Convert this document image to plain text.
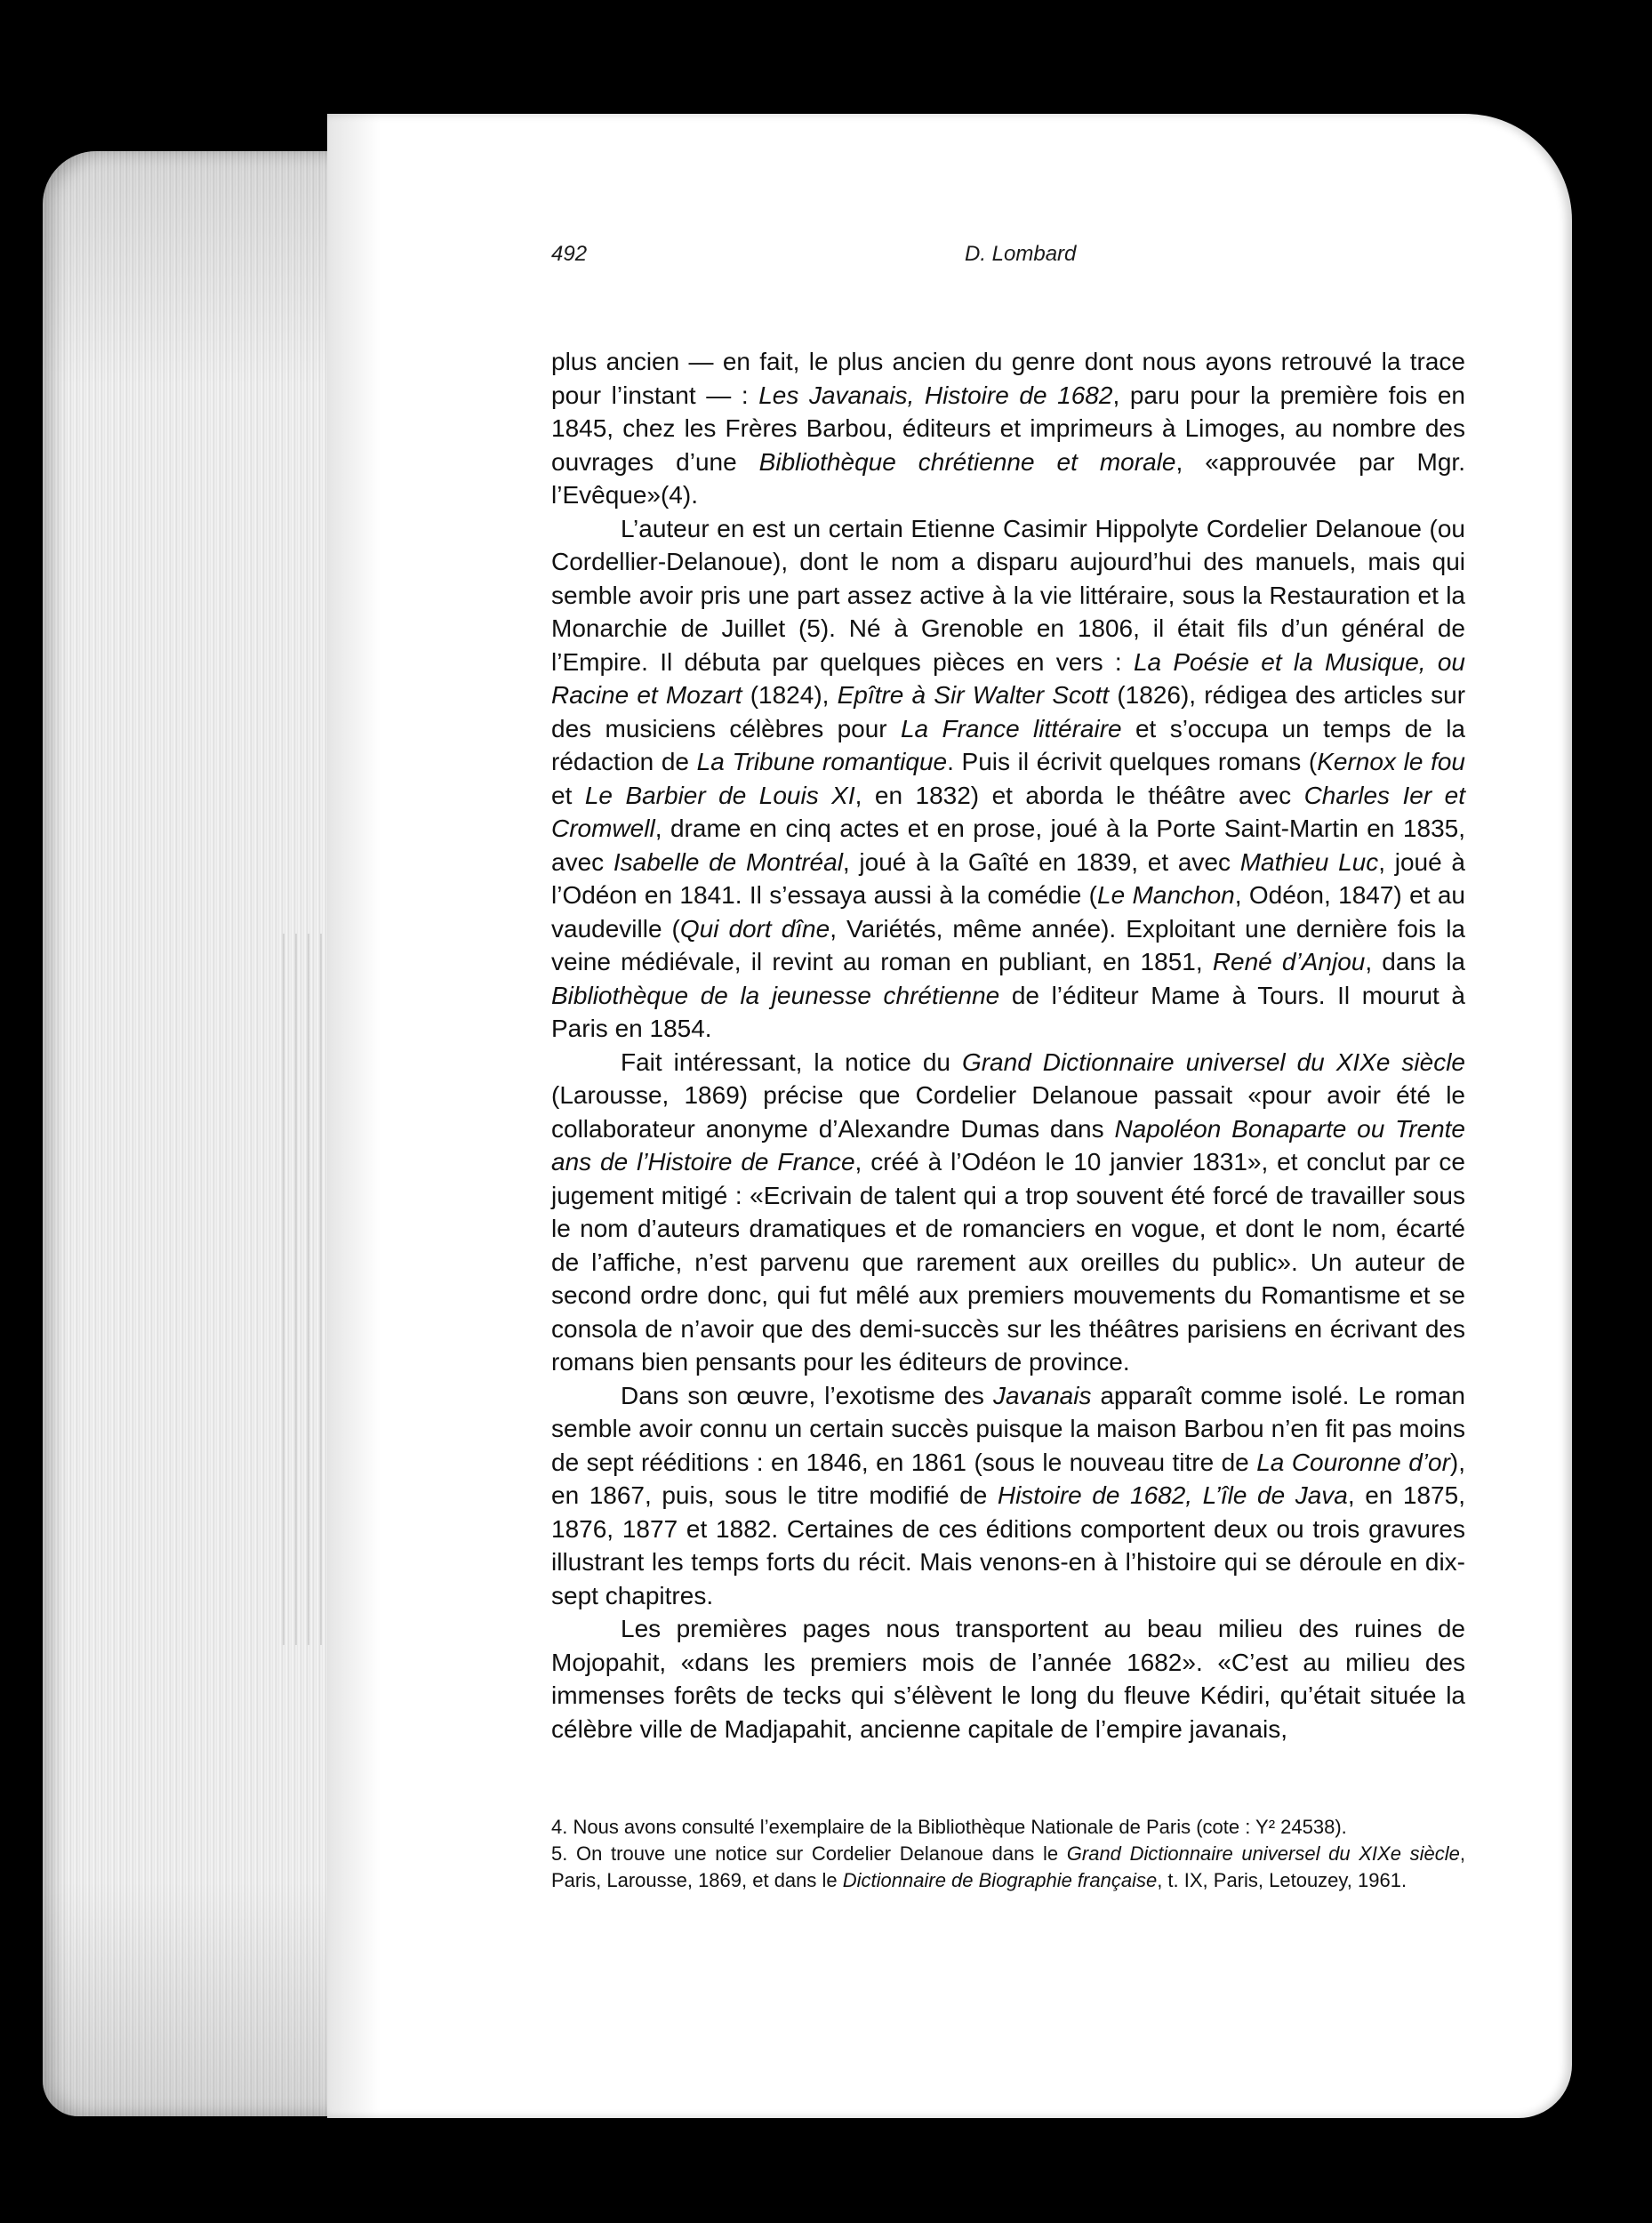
492	D. Lombard

plus ancien — en fait, le plus ancien du genre dont nous ayons retrouvé la trace pour l’instant — : Les Javanais, Histoire de 1682, paru pour la première fois en 1845, chez les Frères Barbou, éditeurs et imprimeurs à Limoges, au nombre des ouvrages d’une Bibliothèque chrétienne et morale, «approuvée par Mgr. l’Evêque»(4).

L’auteur en est un certain Etienne Casimir Hippolyte Cordelier Delanoue (ou Cordellier-Delanoue), dont le nom a disparu aujourd’hui des manuels, mais qui semble avoir pris une part assez active à la vie littéraire, sous la Restauration et la Monarchie de Juillet (5). Né à Grenoble en 1806, il était fils d’un général de l’Empire. Il débuta par quelques pièces en vers : La Poésie et la Musique, ou Racine et Mozart (1824), Epître à Sir Walter Scott (1826), rédigea des articles sur des musiciens célèbres pour La France littéraire et s’occupa un temps de la rédaction de La Tribune romantique. Puis il écrivit quelques romans (Kernox le fou et Le Barbier de Louis XI, en 1832) et aborda le théâtre avec Charles Ier et Cromwell, drame en cinq actes et en prose, joué à la Porte Saint-Martin en 1835, avec Isabelle de Montréal, joué à la Gaîté en 1839, et avec Mathieu Luc, joué à l’Odéon en 1841. Il s’essaya aussi à la comédie (Le Manchon, Odéon, 1847) et au vaudeville (Qui dort dîne, Variétés, même année). Exploitant une dernière fois la veine médiévale, il revint au roman en publiant, en 1851, René d’Anjou, dans la Bibliothèque de la jeunesse chrétienne de l’éditeur Mame à Tours. Il mourut à Paris en 1854.

Fait intéressant, la notice du Grand Dictionnaire universel du XIXe siècle (Larousse, 1869) précise que Cordelier Delanoue passait «pour avoir été le collaborateur anonyme d’Alexandre Dumas dans Napoléon Bonaparte ou Trente ans de l’Histoire de France, créé à l’Odéon le 10 janvier 1831», et conclut par ce jugement mitigé : «Ecrivain de talent qui a trop souvent été forcé de travailler sous le nom d’auteurs dramatiques et de romanciers en vogue, et dont le nom, écarté de l’affiche, n’est parvenu que rarement aux oreilles du public». Un auteur de second ordre donc, qui fut mêlé aux premiers mouvements du Romantisme et se consola de n’avoir que des demi-succès sur les théâtres parisiens en écrivant des romans bien pensants pour les éditeurs de province.

Dans son œuvre, l’exotisme des Javanais apparaît comme isolé. Le roman semble avoir connu un certain succès puisque la maison Barbou n’en fit pas moins de sept rééditions : en 1846, en 1861 (sous le nouveau titre de La Couronne d’or), en 1867, puis, sous le titre modifié de Histoire de 1682, L’île de Java, en 1875, 1876, 1877 et 1882. Certaines de ces éditions comportent deux ou trois gravures illustrant les temps forts du récit. Mais venons-en à l’histoire qui se déroule en dix-sept chapitres.

Les premières pages nous transportent au beau milieu des ruines de Mojopahit, «dans les premiers mois de l’année 1682». «C’est au milieu des immenses forêts de tecks qui s’élèvent le long du fleuve Kédiri, qu’était située la célèbre ville de Madjapahit, ancienne capitale de l’empire javanais,

4. Nous avons consulté l’exemplaire de la Bibliothèque Nationale de Paris (cote : Y² 24538).

5. On trouve une notice sur Cordelier Delanoue dans le Grand Dictionnaire universel du XIXe siècle, Paris, Larousse, 1869, et dans le Dictionnaire de Biographie française, t. IX, Paris, Letouzey, 1961.
